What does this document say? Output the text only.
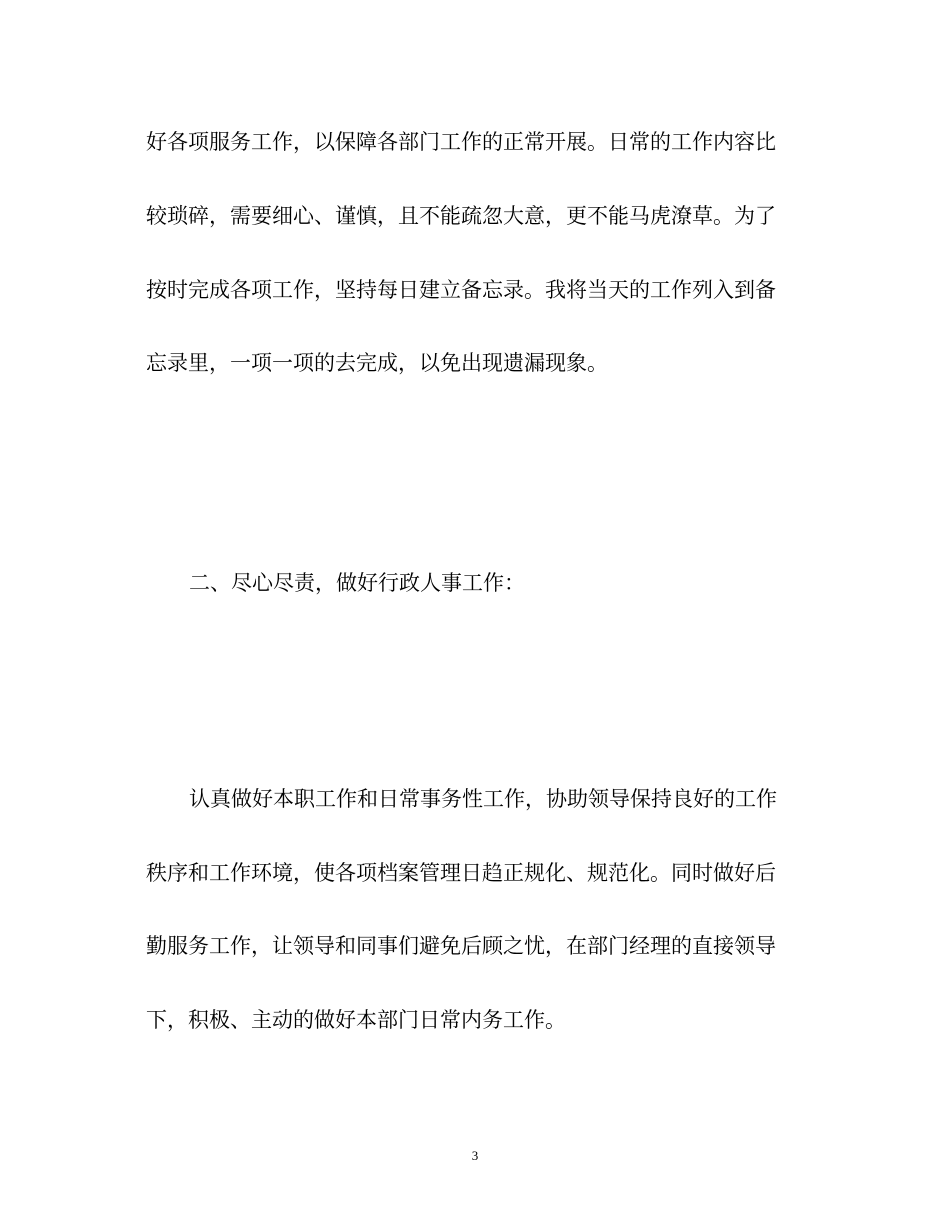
好各项服务工作，以保障各部门工作的正常开展。日常的工作内容比
较琐碎，需要细心、谨慎，且不能疏忽大意，更不能马虎潦草。为了
按时完成各项工作，坚持每日建立备忘录。我将当天的工作列入到备
忘录里，一项一项的去完成，以免出现遗漏现象。
二、尽心尽责，做好行政人事工作：
认真做好本职工作和日常事务性工作，协助领导保持良好的工作
秩序和工作环境，使各项档案管理日趋正规化、规范化。同时做好后
勤服务工作，让领导和同事们避免后顾之忧，在部门经理的直接领导
下，积极、主动的做好本部门日常内务工作。
3
